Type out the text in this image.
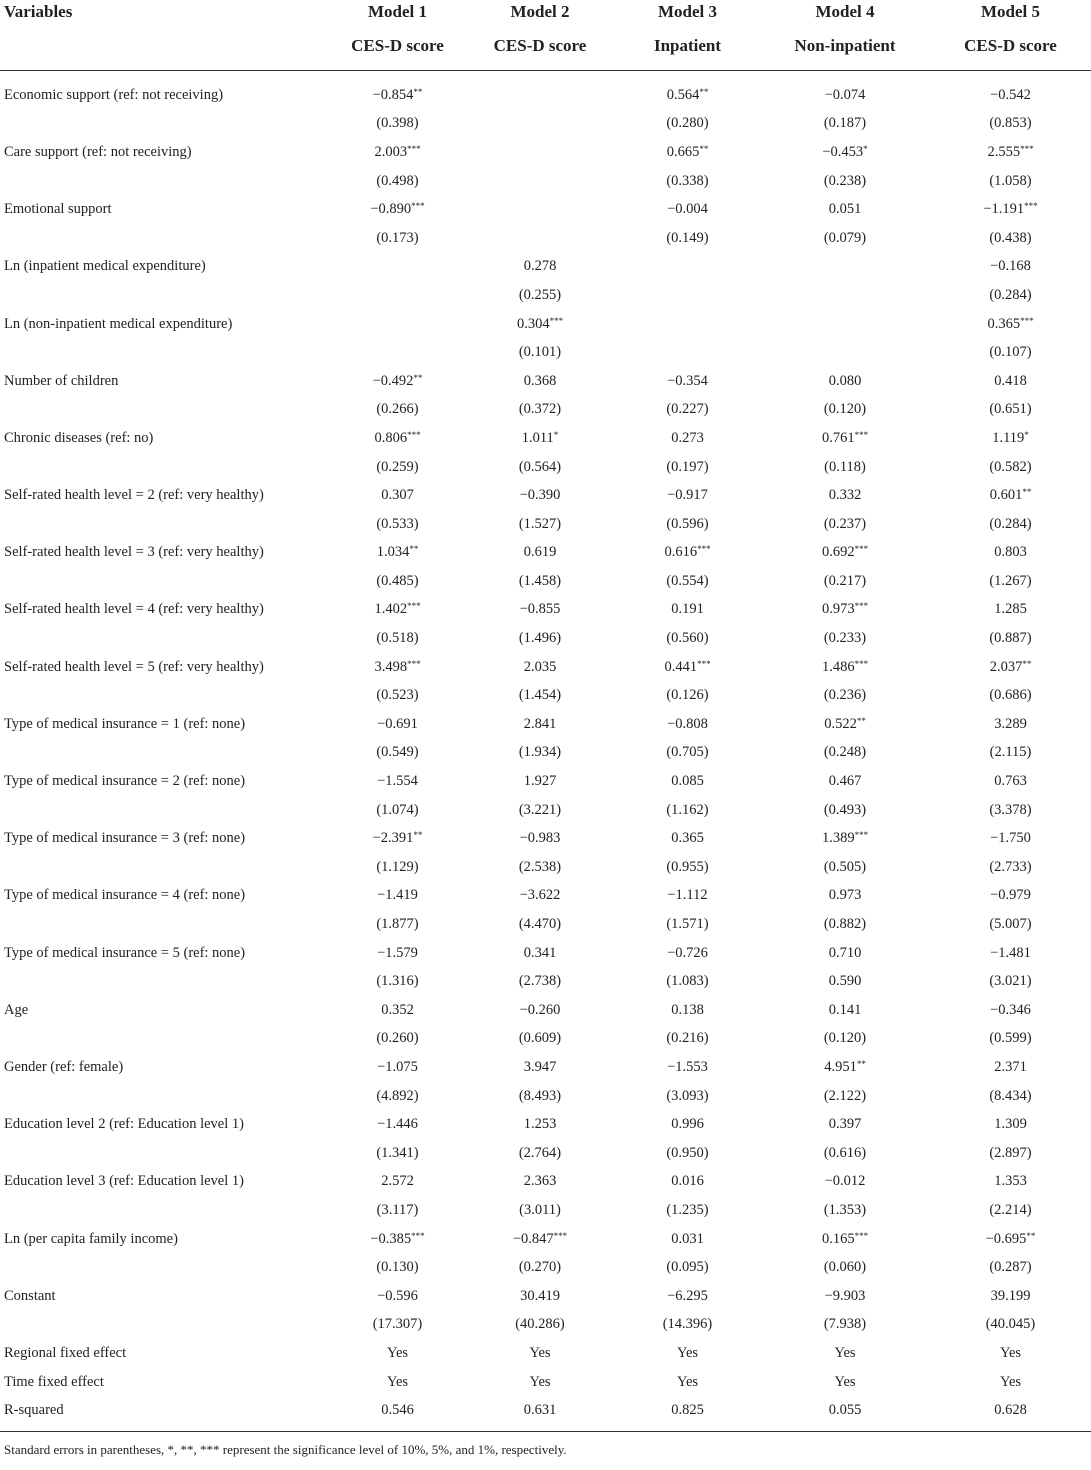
Variables	Model 1	Model 2	Model 3	Model 4	Model 5
	CES-D score	CES-D score	Inpatient	Non-inpatient	CES-D score
Economic support (ref: not receiving)	−0.854**		0.564**	−0.074	−0.542
	(0.398)		(0.280)	(0.187)	(0.853)
Care support (ref: not receiving)	2.003***		0.665**	−0.453*	2.555***
	(0.498)		(0.338)	(0.238)	(1.058)
Emotional support	−0.890***		−0.004	0.051	−1.191***
	(0.173)		(0.149)	(0.079)	(0.438)
Ln (inpatient medical expenditure)		0.278			−0.168
		(0.255)			(0.284)
Ln (non-inpatient medical expenditure)		0.304***			0.365***
		(0.101)			(0.107)
Number of children	−0.492**	0.368	−0.354	0.080	0.418
	(0.266)	(0.372)	(0.227)	(0.120)	(0.651)
Chronic diseases (ref: no)	0.806***	1.011*	0.273	0.761***	1.119*
	(0.259)	(0.564)	(0.197)	(0.118)	(0.582)
Self-rated health level = 2 (ref: very healthy)	0.307	−0.390	−0.917	0.332	0.601**
	(0.533)	(1.527)	(0.596)	(0.237)	(0.284)
Self-rated health level = 3 (ref: very healthy)	1.034**	0.619	0.616***	0.692***	0.803
	(0.485)	(1.458)	(0.554)	(0.217)	(1.267)
Self-rated health level = 4 (ref: very healthy)	1.402***	−0.855	0.191	0.973***	1.285
	(0.518)	(1.496)	(0.560)	(0.233)	(0.887)
Self-rated health level = 5 (ref: very healthy)	3.498***	2.035	0.441***	1.486***	2.037**
	(0.523)	(1.454)	(0.126)	(0.236)	(0.686)
Type of medical insurance = 1 (ref: none)	−0.691	2.841	−0.808	0.522**	3.289
	(0.549)	(1.934)	(0.705)	(0.248)	(2.115)
Type of medical insurance = 2 (ref: none)	−1.554	1.927	0.085	0.467	0.763
	(1.074)	(3.221)	(1.162)	(0.493)	(3.378)
Type of medical insurance = 3 (ref: none)	−2.391**	−0.983	0.365	1.389***	−1.750
	(1.129)	(2.538)	(0.955)	(0.505)	(2.733)
Type of medical insurance = 4 (ref: none)	−1.419	−3.622	−1.112	0.973	−0.979
	(1.877)	(4.470)	(1.571)	(0.882)	(5.007)
Type of medical insurance = 5 (ref: none)	−1.579	0.341	−0.726	0.710	−1.481
	(1.316)	(2.738)	(1.083)	0.590	(3.021)
Age	0.352	−0.260	0.138	0.141	−0.346
	(0.260)	(0.609)	(0.216)	(0.120)	(0.599)
Gender (ref: female)	−1.075	3.947	−1.553	4.951**	2.371
	(4.892)	(8.493)	(3.093)	(2.122)	(8.434)
Education level 2 (ref: Education level 1)	−1.446	1.253	0.996	0.397	1.309
	(1.341)	(2.764)	(0.950)	(0.616)	(2.897)
Education level 3 (ref: Education level 1)	2.572	2.363	0.016	−0.012	1.353
	(3.117)	(3.011)	(1.235)	(1.353)	(2.214)
Ln (per capita family income)	−0.385***	−0.847***	0.031	0.165***	−0.695**
	(0.130)	(0.270)	(0.095)	(0.060)	(0.287)
Constant	−0.596	30.419	−6.295	−9.903	39.199
	(17.307)	(40.286)	(14.396)	(7.938)	(40.045)
Regional fixed effect	Yes	Yes	Yes	Yes	Yes
Time fixed effect	Yes	Yes	Yes	Yes	Yes
R-squared	0.546	0.631	0.825	0.055	0.628
Standard errors in parentheses, *, **, *** represent the significance level of 10%, 5%, and 1%, respectively.
